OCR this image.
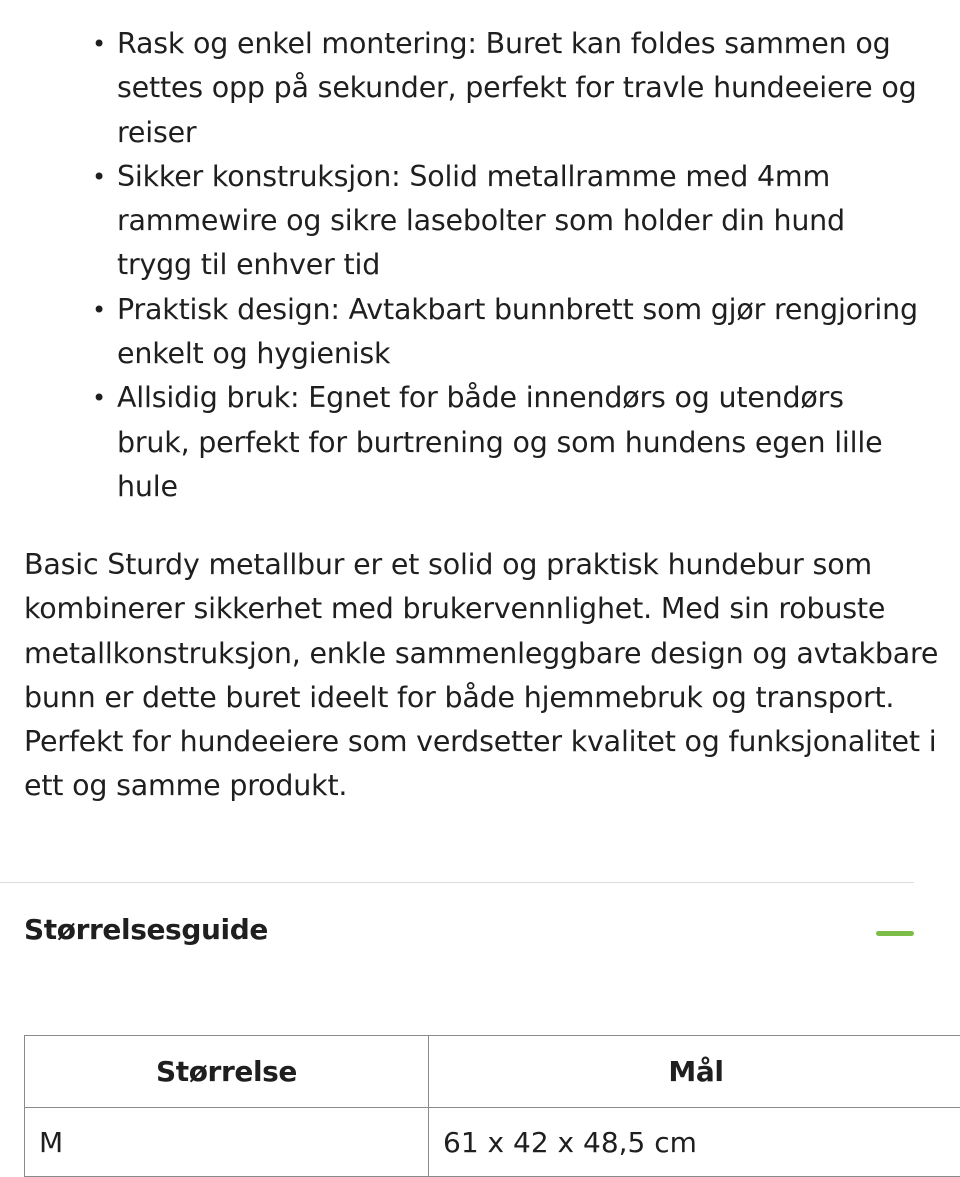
• Rask og enkel montering: Buret kan foldes sammen og settes opp på sekunder, perfekt for travle hundeeiere og reiser
• Sikker konstruksjon: Solid metallramme med 4mm rammewire og sikre lasebolter som holder din hund trygg til enhver tid
• Praktisk design: Avtakbart bunnbrett som gjør rengjoring enkelt og hygienisk
• Allsidig bruk: Egnet for både innendørs og utendørs bruk, perfekt for burtrening og som hundens egen lille hule

Basic Sturdy metallbur er et solid og praktisk hundebur som kombinerer sikkerhet med brukervennlighet. Med sin robuste metallkonstruksjon, enkle sammenleggbare design og avtakbare bunn er dette buret ideelt for både hjemmebruk og transport. Perfekt for hundeeiere som verdsetter kvalitet og funksjonalitet i ett og samme produkt.

Størrelsesguide
Størrelse	Mål
M	61 x 42 x 48,5 cm
